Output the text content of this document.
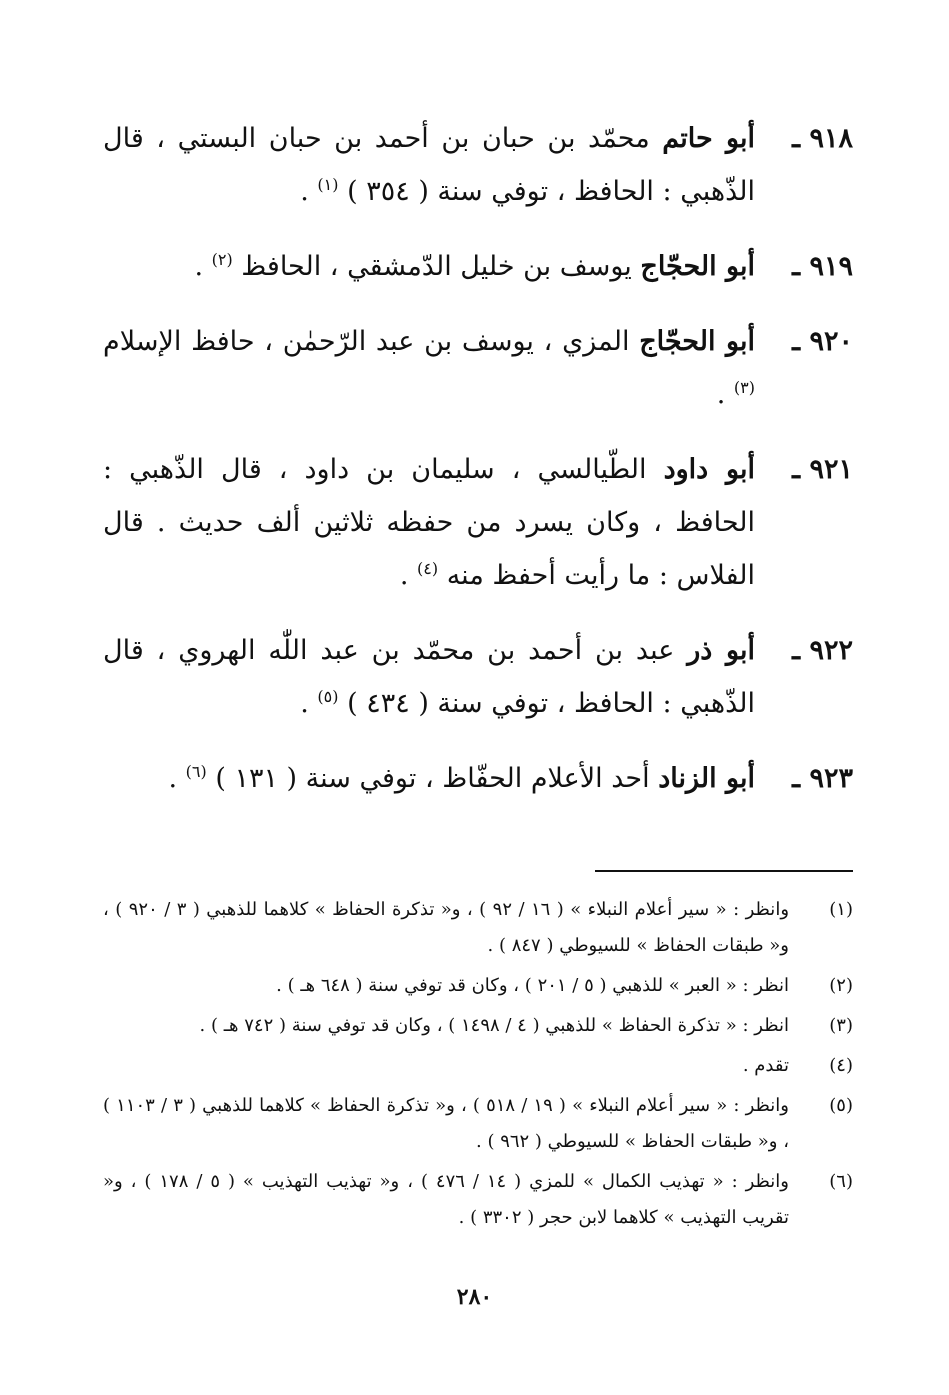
٩١٨ ـ
أبو حاتم محمّد بن حبان بن أحمد بن حبان البستي ، قال الذّهبي : الحافظ ، توفي سنة ( ٣٥٤ ) $^{(١)}$ .
٩١٩ ـ
أبو الحجّاج يوسف بن خليل الدّمشقي ، الحافظ $^{(٢)}$ .
٩٢٠ ـ
أبو الحجّاج المزي ، يوسف بن عبد الرّحمٰن ، حافظ الإسلام $^{(٣)}$ .
٩٢١ ـ
أبو داود الطّيالسي ، سليمان بن داود ، قال الذّهبي : الحافظ ، وكان يسرد من حفظه ثلاثين ألف حديث . قال الفلاس : ما رأيت أحفظ منه $^{(٤)}$ .
٩٢٢ ـ
أبو ذر عبد بن أحمد بن محمّد بن عبد اللّٰه الهروي ، قال الذّهبي : الحافظ ، توفي سنة ( ٤٣٤ ) $^{(٥)}$ .
٩٢٣ ـ
أبو الزناد أحد الأعلام الحفّاظ ، توفي سنة ( ١٣١ ) $^{(٦)}$ .
(١)
وانظر : « سير أعلام النبلاء » ( ١٦ / ٩٢ ) ، و« تذكرة الحفاظ » كلاهما للذهبي ( ٣ / ٩٢٠ ) ، و« طبقات الحفاظ » للسيوطي ( ٨٤٧ ) .
(٢)
انظر : « العبر » للذهبي ( ٥ / ٢٠١ ) ، وكان قد توفي سنة ( ٦٤٨ هـ ) .
(٣)
انظر : « تذكرة الحفاظ » للذهبي ( ٤ / ١٤٩٨ ) ، وكان قد توفي سنة ( ٧٤٢ هـ ) .
(٤)
تقدم .
(٥)
وانظر : « سير أعلام النبلاء » ( ١٩ / ٥١٨ ) ، و« تذكرة الحفاظ » كلاهما للذهبي ( ٣ / ١١٠٣ ) ، و« طبقات الحفاظ » للسيوطي ( ٩٦٢ ) .
(٦)
وانظر : « تهذيب الكمال » للمزي ( ١٤ / ٤٧٦ ) ، و« تهذيب التهذيب » ( ٥ / ١٧٨ ) ، و« تقريب التهذيب » كلاهما لابن حجر ( ٣٣٠٢ ) .
٢٨٠
